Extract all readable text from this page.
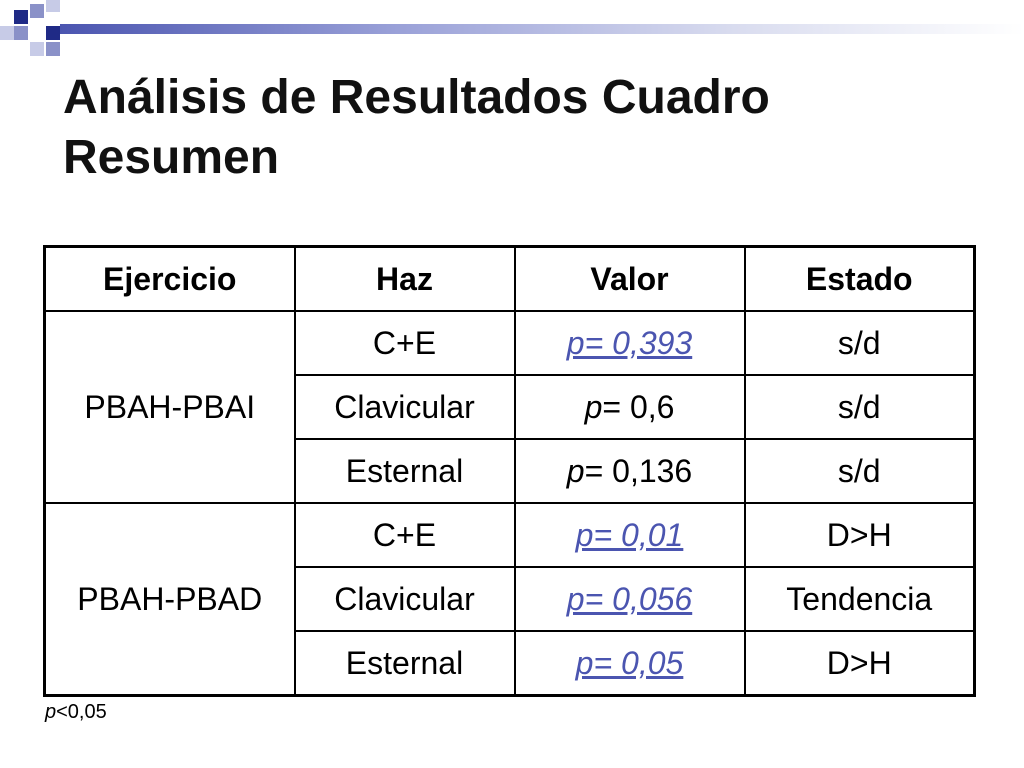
Análisis de Resultados Cuadro Resumen
Ejercicio	Haz	Valor	Estado
PBAH-PBAI	C+E	p= 0,393	s/d
	Clavicular	p= 0,6	s/d
	Esternal	p= 0,136	s/d
PBAH-PBAD	C+E	p= 0,01	D>H
	Clavicular	p= 0,056	Tendencia
	Esternal	p= 0,05	D>H

p<0,05
